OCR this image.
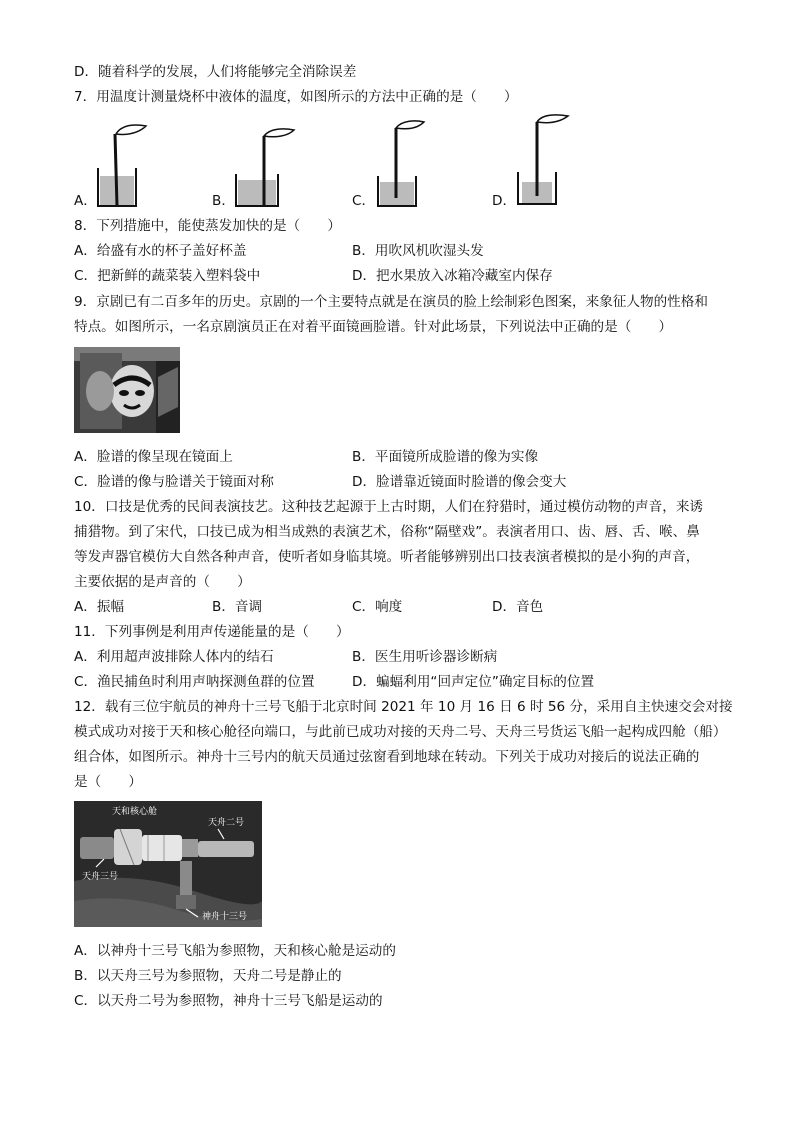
D．随着科学的发展，人们将能够完全消除误差
7．用温度计测量烧杯中液体的温度，如图所示的方法中正确的是（　　）
A．	B．	C．	D．
8．下列措施中，能使蒸发加快的是（　　）
A．给盛有水的杯子盖好杯盖	B．用吹风机吹湿头发
C．把新鲜的蔬菜装入塑料袋中	D．把水果放入冰箱冷藏室内保存
9．京剧已有二百多年的历史。京剧的一个主要特点就是在演员的脸上绘制彩色图案，来象征人物的性格和
特点。如图所示，一名京剧演员正在对着平面镜画脸谱。针对此场景，下列说法中正确的是（　　）
A．脸谱的像呈现在镜面上	B．平面镜所成脸谱的像为实像
C．脸谱的像与脸谱关于镜面对称	D．脸谱靠近镜面时脸谱的像会变大
10．口技是优秀的民间表演技艺。这种技艺起源于上古时期，人们在狩猎时，通过模仿动物的声音，来诱
捕猎物。到了宋代，口技已成为相当成熟的表演艺术，俗称“隔壁戏”。表演者用口、齿、唇、舌、喉、鼻
等发声器官模仿大自然各种声音，使听者如身临其境。听者能够辨别出口技表演者模拟的是小狗的声音，
主要依据的是声音的（　　）
A．振幅	B．音调	C．响度	D．音色
11．下列事例是利用声传递能量的是（　　）
A．利用超声波排除人体内的结石	B．医生用听诊器诊断病
C．渔民捕鱼时利用声呐探测鱼群的位置	D．蝙蝠利用“回声定位”确定目标的位置
12．载有三位宇航员的神舟十三号飞船于北京时间 2021 年 10 月 16 日 6 时 56 分，采用自主快速交会对接
模式成功对接于天和核心舱径向端口，与此前已成功对接的天舟二号、天舟三号货运飞船一起构成四舱（船）
组合体，如图所示。神舟十三号内的航天员通过弦窗看到地球在转动。下列关于成功对接后的说法正确的
是（　　）
天和核心舱
天舟二号
天舟三号
神舟十三号
A．以神舟十三号飞船为参照物，天和核心舱是运动的
B．以天舟三号为参照物，天舟二号是静止的
C．以天舟二号为参照物，神舟十三号飞船是运动的
